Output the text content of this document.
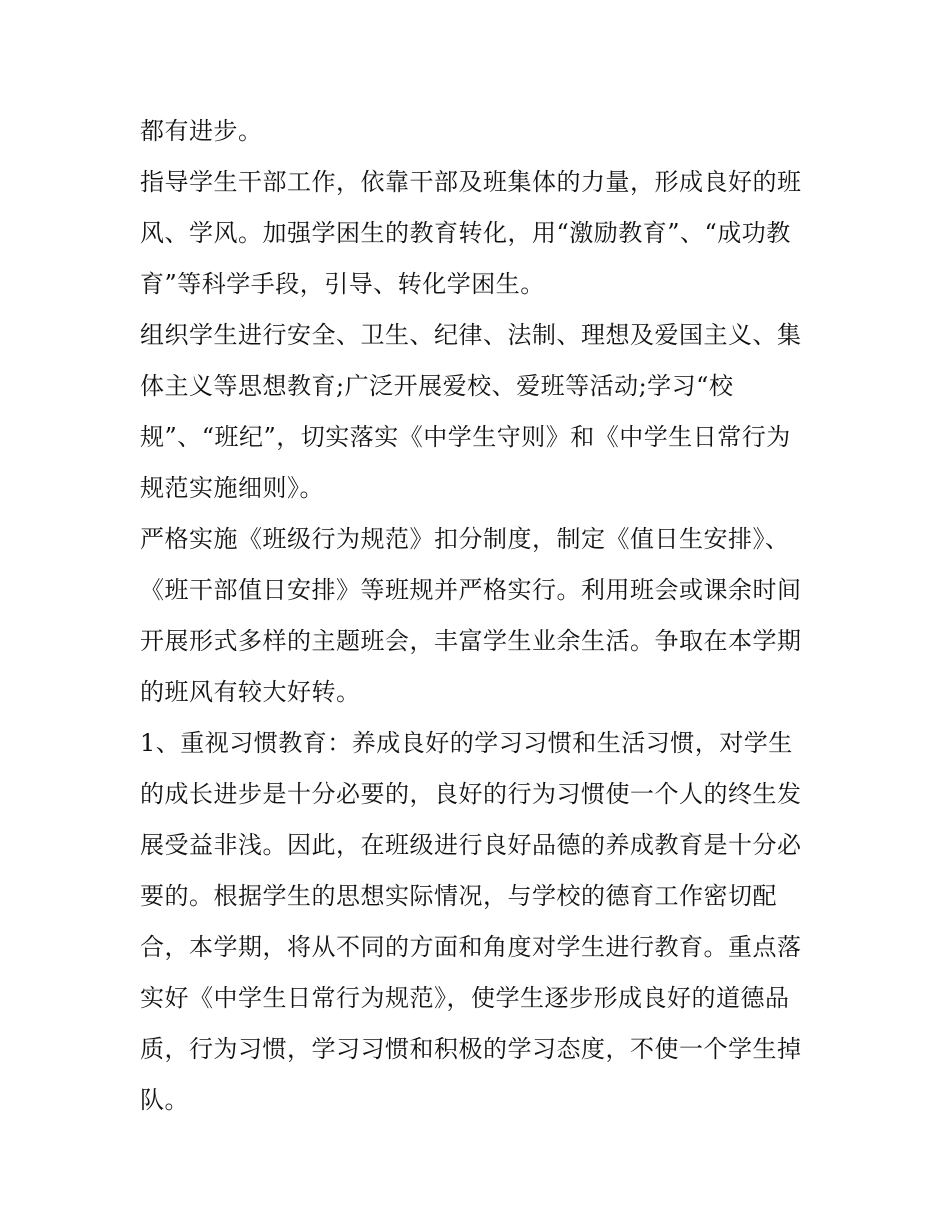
都有进步。

指导学生干部工作，依靠干部及班集体的力量，形成良好的班
风、学风。加强学困生的教育转化，用“激励教育”、“成功教
育”等科学手段，引导、转化学困生。

组织学生进行安全、卫生、纪律、法制、理想及爱国主义、集
体主义等思想教育;广泛开展爱校、爱班等活动;学习“校
规”、“班纪”，切实落实《中学生守则》和《中学生日常行为
规范实施细则》。

严格实施《班级行为规范》扣分制度，制定《值日生安排》、
《班干部值日安排》等班规并严格实行。利用班会或课余时间
开展形式多样的主题班会，丰富学生业余生活。争取在本学期
的班风有较大好转。

1、重视习惯教育：养成良好的学习习惯和生活习惯，对学生
的成长进步是十分必要的，良好的行为习惯使一个人的终生发
展受益非浅。因此，在班级进行良好品德的养成教育是十分必
要的。根据学生的思想实际情况，与学校的德育工作密切配
合，本学期，将从不同的方面和角度对学生进行教育。重点落
实好《中学生日常行为规范》，使学生逐步形成良好的道德品
质，行为习惯，学习习惯和积极的学习态度，不使一个学生掉
队。
